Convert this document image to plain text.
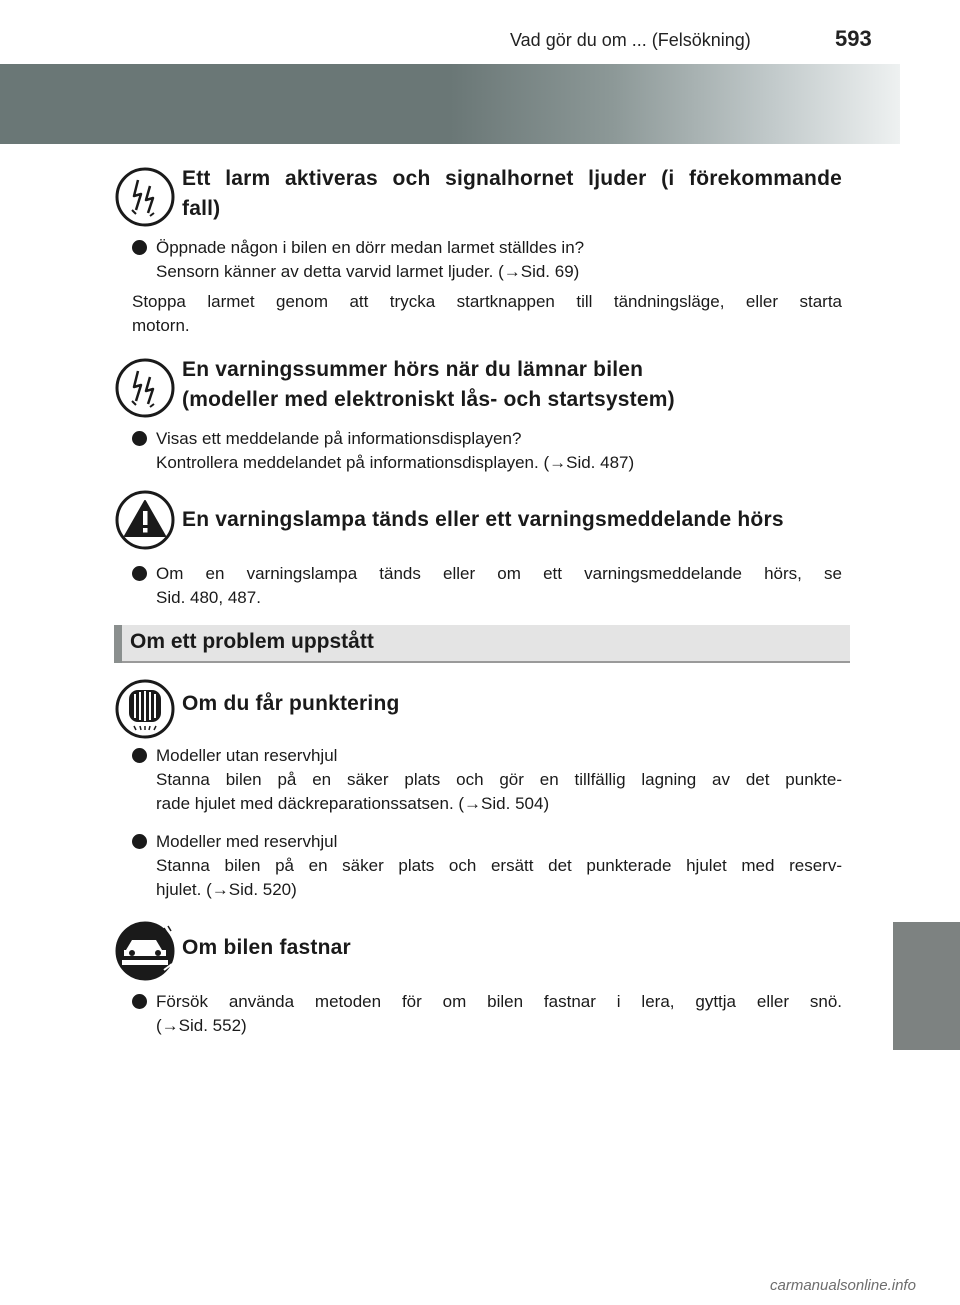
Vad gör du om ... (Felsökning)	593
Ett larm aktiveras och signalhornet ljuder (i förekommande
fall)
Öppnade någon i bilen en dörr medan larmet ställdes in?
Sensorn känner av detta varvid larmet ljuder. (→Sid. 69)
Stoppa larmet genom att trycka startknappen till tändningsläge, eller starta
motorn.
En varningssummer hörs när du lämnar bilen
(modeller med elektroniskt lås- och startsystem)
Visas ett meddelande på informationsdisplayen?
Kontrollera meddelandet på informationsdisplayen. (→Sid. 487)
En varningslampa tänds eller ett varningsmeddelande hörs
Om en varningslampa tänds eller om ett varningsmeddelande hörs, se
Sid. 480, 487.
Om ett problem uppstått
Om du får punktering
Modeller utan reservhjul
Stanna bilen på en säker plats och gör en tillfällig lagning av det punkte-
rade hjulet med däckreparationssatsen. (→Sid. 504)
Modeller med reservhjul
Stanna bilen på en säker plats och ersätt det punkterade hjulet med reserv-
hjulet. (→Sid. 520)
Om bilen fastnar
Försök använda metoden för om bilen fastnar i lera, gyttja eller snö.
(→Sid. 552)
carmanualsonline.info
